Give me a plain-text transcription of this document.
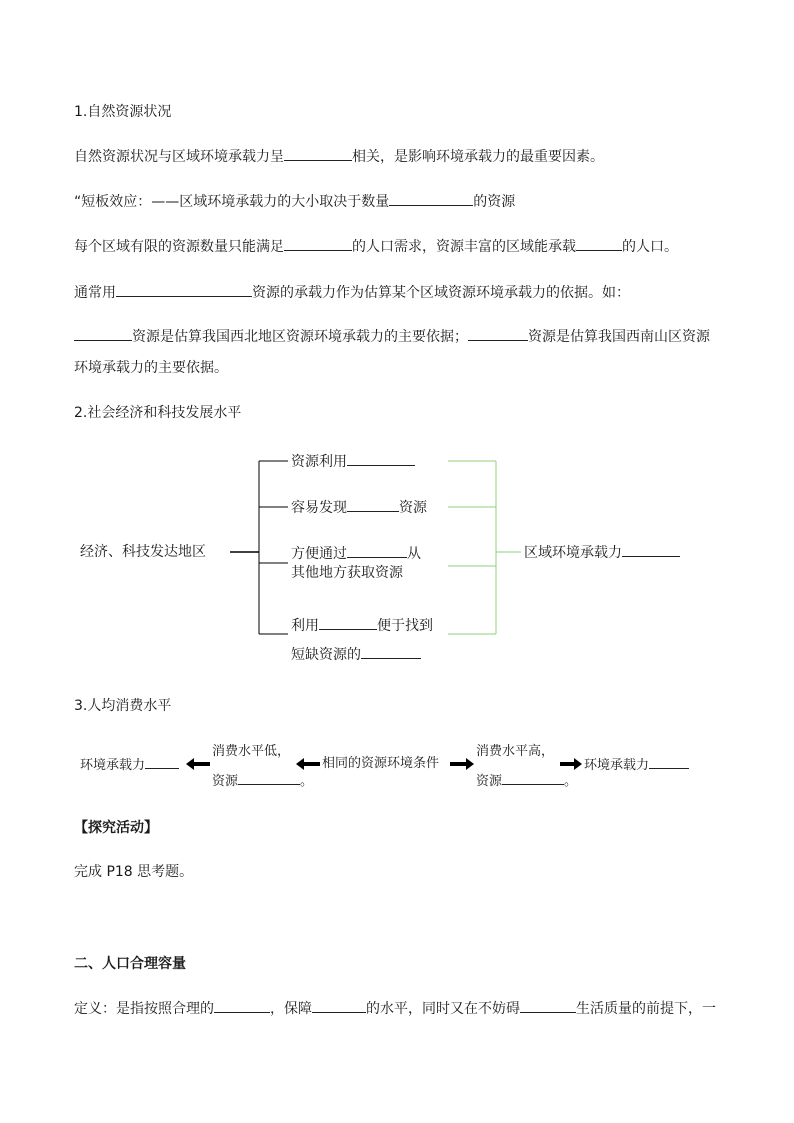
1.自然资源状况
自然资源状况与区域环境承载力呈	相关，是影响环境承载力的最重要因素。
“短板效应：——区域环境承载力的大小取决于数量	的资源
每个区域有限的资源数量只能满足	的人口需求，资源丰富的区域能承载	的人口。
通常用	资源的承载力作为估算某个区域资源环境承载力的依据。如：
资源是估算我国西北地区资源环境承载力的主要依据；	资源是估算我国西南山区资源
环境承载力的主要依据。
2.社会经济和科技发展水平
经济、科技发达地区
资源利用
容易发现	资源
方便通过	从
其他地方获取资源
利用	便于找到
短缺资源的
区域环境承载力
3.人均消费水平
环境承载力
消费水平低，
资源	。
相同的资源环境条件
消费水平高，
资源	。
环境承载力
【探究活动】
完成 P18 思考题。
二、人口合理容量
定义：是指按照合理的	，保障	的水平，同时又在不妨碍	生活质量的前提下，一
